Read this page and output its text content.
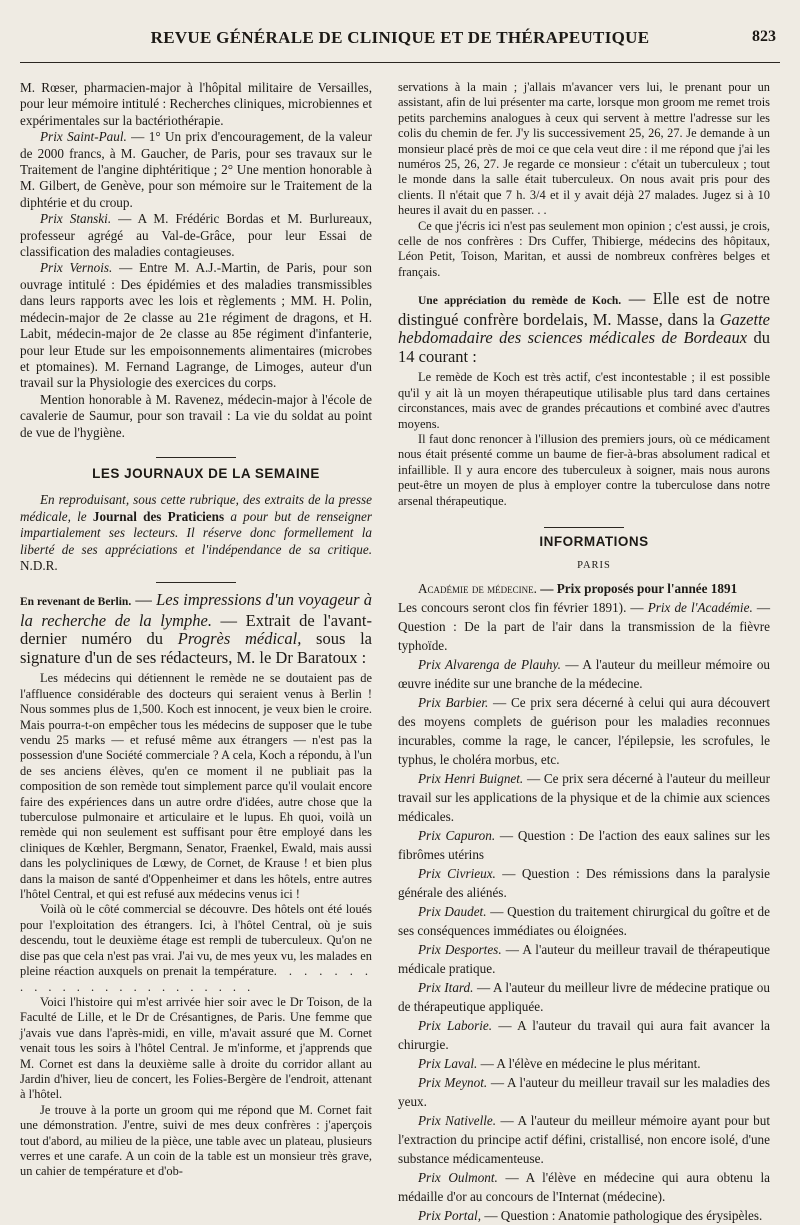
REVUE GÉNÉRALE DE CLINIQUE ET DE THÉRAPEUTIQUE	823

M. Rœser, pharmacien-major à l'hôpital militaire de Versailles, pour leur mémoire intitulé : Recherches cliniques, microbiennes et expérimentales sur la bactériothérapie.

Prix Saint-Paul. — 1° Un prix d'encouragement, de la valeur de 2000 francs, à M. Gaucher, de Paris, pour ses travaux sur le Traitement de l'angine diphtéritique ; 2° Une mention honorable à M. Gilbert, de Genève, pour son mémoire sur le Traitement de la diphtérie et du croup.

Prix Stanski. — A M. Frédéric Bordas et M. Burlureaux, professeur agrégé au Val-de-Grâce, pour leur Essai de classification des maladies contagieuses.

Prix Vernois. — Entre M. A.J.-Martin, de Paris, pour son ouvrage intitulé : Des épidémies et des maladies transmissibles dans leurs rapports avec les lois et règlements ; MM. H. Polin, médecin-major de 2e classe au 21e régiment de dragons, et H. Labit, médecin-major de 2e classe au 85e régiment d'infanterie, pour leur Etude sur les empoisonnements alimentaires (microbes et ptomaines). M. Fernand Lagrange, de Limoges, auteur d'un travail sur la Physiologie des exercices du corps.

Mention honorable à M. Ravenez, médecin-major à l'école de cavalerie de Saumur, pour son travail : La vie du soldat au point de vue de l'hygiène.

LES JOURNAUX DE LA SEMAINE

En reproduisant, sous cette rubrique, des extraits de la presse médicale, le Journal des Praticiens a pour but de renseigner impartialement ses lecteurs. Il réserve donc formellement la liberté de ses appréciations et l'indépendance de sa critique. N.D.R.

En revenant de Berlin. — Les impressions d'un voyageur à la recherche de la lymphe. — Extrait de l'avant-dernier numéro du Progrès médical, sous la signature d'un de ses rédacteurs, M. le Dr Baratoux :

Les médecins qui détiennent le remède ne se doutaient pas de l'affluence considérable des docteurs qui seraient venus à Berlin ! Nous sommes plus de 1,500. Koch est innocent, je veux bien le croire. Mais pourra-t-on empêcher tous les médecins de supposer que le tube vendu 25 marks — et refusé même aux étrangers — n'est pas la possession d'une Société commerciale ? A cela, Koch a répondu, à l'un de ses anciens élèves, qu'en ce moment il ne publiait pas la composition de son remède tout simplement parce qu'il voulait encore faire des expériences dans un autre ordre d'idées, autre chose que la tuberculose pulmonaire et articulaire et le lupus. Eh quoi, voilà un remède qui non seulement est suffisant pour être employé dans les cliniques de Kœhler, Bergmann, Senator, Fraenkel, Ewald, mais aussi dans les polycliniques de Lœwy, de Cornet, de Krause ! et bien plus dans la maison de santé d'Oppenheimer et dans les hôtels, entre autres l'hôtel Central, et qui est refusé aux médecins venus ici !

Voilà où le côté commercial se découvre. Des hôtels ont été loués pour l'exploitation des étrangers. Ici, à l'hôtel Central, où je suis descendu, tout le deuxième étage est rempli de tuberculeux. Qu'on ne dise pas que cela n'est pas vrai. J'ai vu, de mes yeux vu, les malades en pleine réaction auxquels on prenait la température. . . . . . . . . . . . . . . . . . . . . . . .

Voici l'histoire qui m'est arrivée hier soir avec le Dr Toison, de la Faculté de Lille, et le Dr de Crésantignes, de Paris. Une femme que j'avais vue dans l'après-midi, en ville, m'avait assuré que M. Cornet venait tous les soirs à l'hôtel Central. Je m'informe, et j'apprends que M. Cornet est dans la deuxième salle à droite du corridor allant au Jardin d'hiver, lieu de concert, les Folies-Bergère de l'endroit, attenant à l'hôtel.

Je trouve à la porte un groom qui me répond que M. Cornet fait une démonstration. J'entre, suivi de mes deux confrères : j'aperçois tout d'abord, au milieu de la pièce, une table avec un plateau, plusieurs verres et une carafe. A un coin de la table est un monsieur très grave, un cahier de température et d'ob-

servations à la main ; j'allais m'avancer vers lui, le prenant pour un assistant, afin de lui présenter ma carte, lorsque mon groom me remet trois petits parchemins analogues à ceux qui servent à mettre l'adresse sur les colis du chemin de fer. J'y lis successivement 25, 26, 27. Je demande à un monsieur placé près de moi ce que cela veut dire : il me répond que j'ai les numéros 25, 26, 27. Je regarde ce monsieur : c'était un tuberculeux ; tout le monde dans la salle était tuberculeux. On nous avait pris pour des clients. Il n'était que 7 h. 3/4 et il y avait déjà 27 malades. Jugez si à 10 heures il avait du en passer. . .

Ce que j'écris ici n'est pas seulement mon opinion ; c'est aussi, je crois, celle de nos confrères : Drs Cuffer, Thibierge, médecins des hôpitaux, Léon Petit, Toison, Maritan, et aussi de nombreux confrères belges et français.

Une appréciation du remède de Koch. — Elle est de notre distingué confrère bordelais, M. Masse, dans la Gazette hebdomadaire des sciences médicales de Bordeaux du 14 courant :

Le remède de Koch est très actif, c'est incontestable ; il est possible qu'il y ait là un moyen thérapeutique utilisable plus tard dans certaines circonstances, mais avec de grandes précautions et combiné avec d'autres moyens.

Il faut donc renoncer à l'illusion des premiers jours, où ce médicament nous était présenté comme un baume de fier-à-bras absolument radical et infaillible. Il y aura encore des tuberculeux à soigner, mais nous aurons peut-être un moyen de plus à employer contre la tuberculose dans notre arsenal thérapeutique.

INFORMATIONS

PARIS

Académie de médecine. — Prix proposés pour l'année 1891

Les concours seront clos fin février 1891). — Prix de l'Académie. — Question : De la part de l'air dans la transmission de la fièvre typhoïde.

Prix Alvarenga de Plauhy. — A l'auteur du meilleur mémoire ou œuvre inédite sur une branche de la médecine.

Prix Barbier. — Ce prix sera décerné à celui qui aura découvert des moyens complets de guérison pour les maladies reconnues incurables, comme la rage, le cancer, l'épilepsie, les scrofules, le typhus, le choléra morbus, etc.

Prix Henri Buignet. — Ce prix sera décerné à l'auteur du meilleur travail sur les applications de la physique et de la chimie aux sciences médicales.

Prix Capuron. — Question : De l'action des eaux salines sur les fibrômes utérins

Prix Civrieux. — Question : Des rémissions dans la paralysie générale des aliénés.

Prix Daudet. — Question du traitement chirurgical du goître et de ses conséquences immédiates ou éloignées.

Prix Desportes. — A l'auteur du meilleur travail de thérapeutique médicale pratique.

Prix Itard. — A l'auteur du meilleur livre de médecine pratique ou de thérapeutique appliquée.

Prix Laborie. — A l'auteur du travail qui aura fait avancer la chirurgie.

Prix Laval. — A l'élève en médecine le plus méritant.

Prix Meynot. — A l'auteur du meilleur travail sur les maladies des yeux.

Prix Nativelle. — A l'auteur du meilleur mémoire ayant pour but l'extraction du principe actif défini, cristallisé, non encore isolé, d'une substance médicamenteuse.

Prix Oulmont. — A l'élève en médecine qui aura obtenu la médaille d'or au concours de l'Internat (médecine).

Prix Portal, — Question : Anatomie pathologique des érysipèles.
